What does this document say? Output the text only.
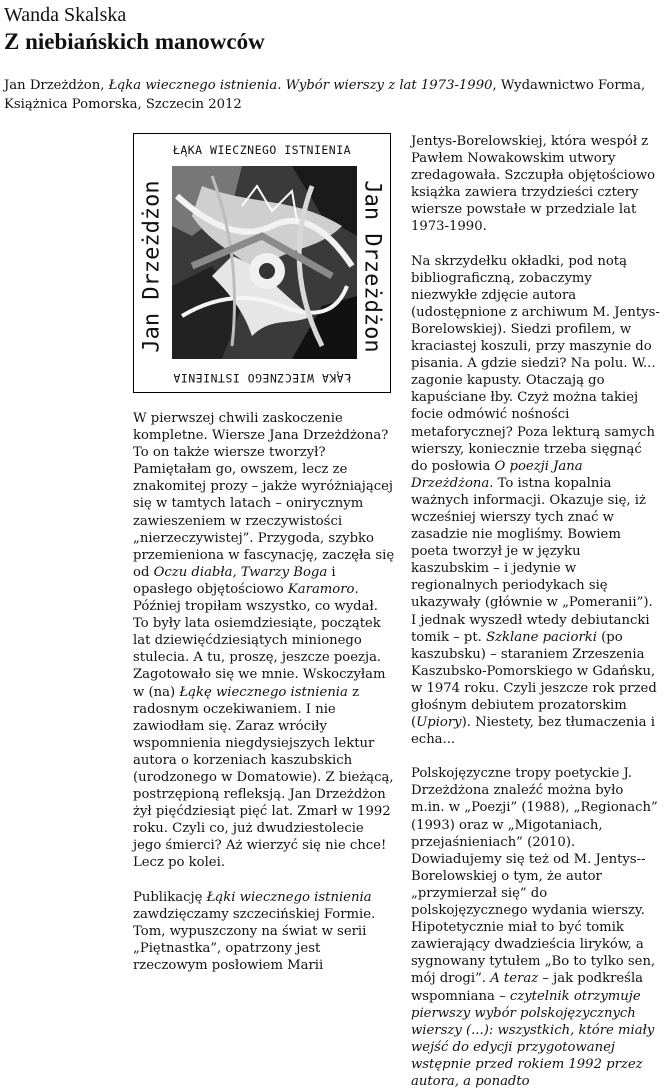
Wanda Skalska
Z niebiańskich manowców
Jan Drzeżdżon, Łąka wiecznego istnienia. Wybór wierszy z lat 1973-1990, Wydawnictwo Forma, Książnica Pomorska, Szczecin 2012
ŁĄKA WIECZNEGO ISTNIENIA
Jan Drzeżdżon	Jan Drzeżdżon
ŁĄKA WIECZNEGO ISTNIENIA

W pierwszej chwili zaskoczenie kompletne. Wiersze Jana Drzeżdżona? To on także wiersze tworzył? Pamiętałam go, owszem, lecz ze znakomitej prozy – jakże wyróżniającej się w tamtych latach – onirycznym zawieszeniem w rzeczywistości „nierzeczywistej”. Przygoda, szybko przemieniona w fascynację, zaczęła się od Oczu diabła, Twarzy Boga i opasłego objętościowo Karamoro. Później tropiłam wszystko, co wydał. To były lata osiemdziesiąte, początek lat dziewięćdziesiątych minionego stulecia. A tu, proszę, jeszcze poezja. Zagotowało się we mnie. Wskoczyłam w (na) Łąkę wiecznego istnienia z radosnym oczekiwaniem. I nie zawiodłam się. Zaraz wróciły wspomnienia niegdysiejszych lektur autora o korzeniach kaszubskich (urodzonego w Domatowie). Z bieżącą, postrzępioną refleksją. Jan Drzeżdżon żył pięćdziesiąt pięć lat. Zmarł w 1992 roku. Czyli co, już dwudziestolecie jego śmierci? Aż wierzyć się nie chce! Lecz po kolei.

Publikację Łąki wiecznego istnienia zawdzięczamy szczecińskiej Formie. Tom, wypuszczony na świat w serii „Piętnastka”, opatrzony jest rzeczowym posłowiem Marii

Jentys-Borelowskiej, która wespół z Pawłem Nowakowskim utwory zredagowała. Szczupła objętościowo książka zawiera trzydzieści cztery wiersze powstałe w przedziale lat 1973-1990.

Na skrzydełku okładki, pod notą bibliograficzną, zobaczymy niezwykłe zdjęcie autora (udostępnione z archiwum M. Jentys-Borelowskiej). Siedzi profilem, w kraciastej koszuli, przy maszynie do pisania. A gdzie siedzi? Na polu. W... zagonie kapusty. Otaczają go kapuściane łby. Czyż można takiej focie odmówić nośności metaforycznej? Poza lekturą samych wierszy, koniecznie trzeba sięgnąć do posłowia O poezji Jana Drzeżdżona. To istna kopalnia ważnych informacji. Okazuje się, iż wcześniej wierszy tych znać w zasadzie nie mogliśmy. Bowiem poeta tworzył je w języku kaszubskim – i jedynie w regionalnych periodykach się ukazywały (głównie w „Pomeranii”). I jednak wyszedł wtedy debiutancki tomik – pt. Szklane paciorki (po kaszubsku) – staraniem Zrzeszenia Kaszubsko-Pomorskiego w Gdańsku, w 1974 roku. Czyli jeszcze rok przed głośnym debiutem prozatorskim (Upiory). Niestety, bez tłumaczenia i echa...

Polskojęzyczne tropy poetyckie J. Drzeżdżona znaleźć można było m.in. w „Poezji” (1988), „Regionach” (1993) oraz w „Migotaniach, przejaśnieniach” (2010). Dowiadujemy się też od M. Jentys--Borelowskiej o tym, że autor „przymierzał się” do polskojęzycznego wydania wierszy. Hipotetycznie miał to być tomik zawierający dwadzieścia liryków, a sygnowany tytułem „Bo to tylko sen, mój drogi”. A teraz – jak podkreśla wspomniana – czytelnik otrzymuje pierwszy wybór polskojęzycznych wierszy (...): wszystkich, które miały wejść do edycji przygotowanej wstępnie przed rokiem 1992 przez autora, a ponadto
